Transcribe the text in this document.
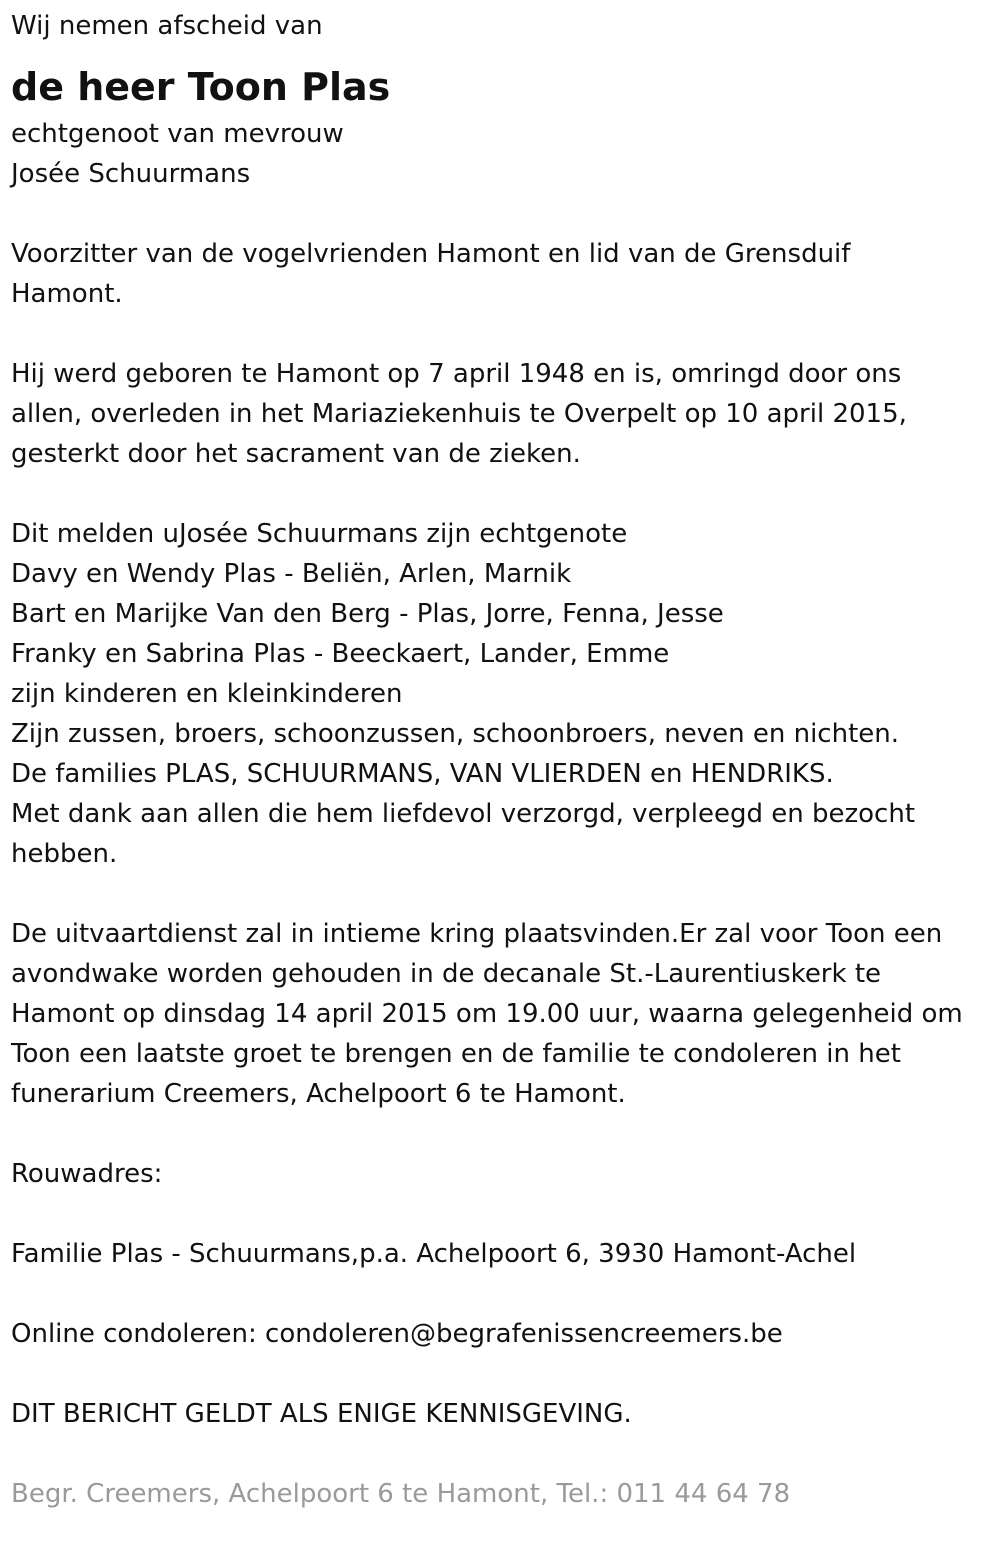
Wij nemen afscheid van

de heer Toon Plas

echtgenoot van mevrouw

Josée Schuurmans

Voorzitter van de vogelvrienden Hamont en lid van de Grensduif

Hamont.

Hij werd geboren te Hamont op 7 april 1948 en is, omringd door ons

allen, overleden in het Mariaziekenhuis te Overpelt op 10 april 2015,

gesterkt door het sacrament van de zieken.

Dit melden uJosée Schuurmans zijn echtgenote

Davy en Wendy Plas - Beliën, Arlen, Marnik

Bart en Marijke Van den Berg - Plas, Jorre, Fenna, Jesse

Franky en Sabrina Plas - Beeckaert, Lander, Emme

zijn kinderen en kleinkinderen

Zijn zussen, broers, schoonzussen, schoonbroers, neven en nichten.

De families PLAS, SCHUURMANS, VAN VLIERDEN en HENDRIKS.

Met dank aan allen die hem liefdevol verzorgd, verpleegd en bezocht

hebben.

De uitvaartdienst zal in intieme kring plaatsvinden.Er zal voor Toon een

avondwake worden gehouden in de decanale St.-Laurentiuskerk te

Hamont op dinsdag 14 april 2015 om 19.00 uur, waarna gelegenheid om

Toon een laatste groet te brengen en de familie te condoleren in het

funerarium Creemers, Achelpoort 6 te Hamont.

Rouwadres:

Familie Plas - Schuurmans,p.a. Achelpoort 6, 3930 Hamont-Achel

Online condoleren: condoleren@begrafenissencreemers.be

DIT BERICHT GELDT ALS ENIGE KENNISGEVING.

Begr. Creemers, Achelpoort 6 te Hamont, Tel.: 011 44 64 78
